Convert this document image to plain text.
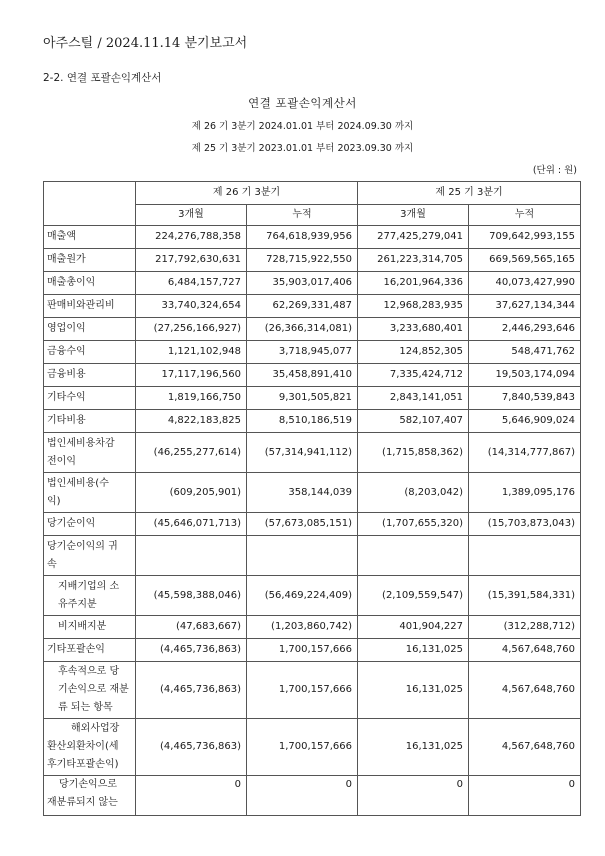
아주스틸 / 2024.11.14 분기보고서
2-2. 연결 포괄손익계산서
연결 포괄손익계산서
제 26 기 3분기 2024.01.01 부터 2024.09.30 까지
제 25 기 3분기 2023.01.01 부터 2023.09.30 까지
(단위 : 원)
	제 26 기 3분기		제 25 기 3분기	
	3개월	누적	3개월	누적
매출액	224,276,788,358	764,618,939,956	277,425,279,041	709,642,993,155
매출원가	217,792,630,631	728,715,922,550	261,223,314,705	669,569,565,165
매출총이익	6,484,157,727	35,903,017,406	16,201,964,336	40,073,427,990
판매비와관리비	33,740,324,654	62,269,331,487	12,968,283,935	37,627,134,344
영업이익	(27,256,166,927)	(26,366,314,081)	3,233,680,401	2,446,293,646
금융수익	1,121,102,948	3,718,945,077	124,852,305	548,471,762
금융비용	17,117,196,560	35,458,891,410	7,335,424,712	19,503,174,094
기타수익	1,819,166,750	9,301,505,821	2,843,141,051	7,840,539,843
기타비용	4,822,183,825	8,510,186,519	582,107,407	5,646,909,024
법인세비용차감
전이익	(46,255,277,614)	(57,314,941,112)	(1,715,858,362)	(14,314,777,867)
법인세비용(수
익)	(609,205,901)	358,144,039	(8,203,042)	1,389,095,176
당기순이익	(45,646,071,713)	(57,673,085,151)	(1,707,655,320)	(15,703,873,043)
당기순이익의 귀
속				
지배기업의 소
유주지분	(45,598,388,046)	(56,469,224,409)	(2,109,559,547)	(15,391,584,331)
비지배지분	(47,683,667)	(1,203,860,742)	401,904,227	(312,288,712)
기타포괄손익	(4,465,736,863)	1,700,157,666	16,131,025	4,567,648,760
후속적으로 당
기손익으로 재분
류 되는 항목	(4,465,736,863)	1,700,157,666	16,131,025	4,567,648,760
해외사업장
환산외환차이(세
후기타포괄손익)	(4,465,736,863)	1,700,157,666	16,131,025	4,567,648,760
당기손익으로
재분류되지 않는	0	0	0	0
